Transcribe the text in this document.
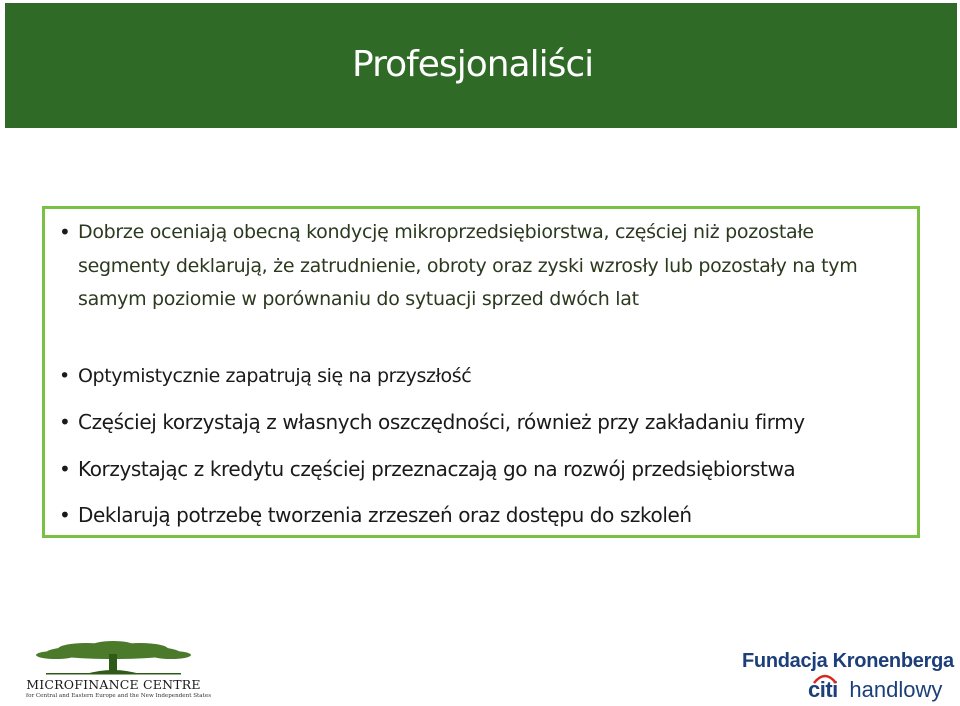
Profesjonaliści
• Dobrze oceniają obecną kondycję mikroprzedsiębiorstwa, częściej niż pozostałe segmenty deklarują, że zatrudnienie, obroty oraz zyski wzrosły lub pozostały na tym samym poziomie w porównaniu do sytuacji sprzed dwóch lat
• Optymistycznie zapatrują się na przyszłość
• Częściej korzystają z własnych oszczędności, również przy zakładaniu firmy
• Korzystając z kredytu częściej przeznaczają go na rozwój przedsiębiorstwa
• Deklarują potrzebę tworzenia zrzeszeń oraz dostępu do szkoleń
MICROFINANCE CENTRE
for Central and Eastern Europe and the New Independent States
Fundacja Kronenberga
citi handlowy
